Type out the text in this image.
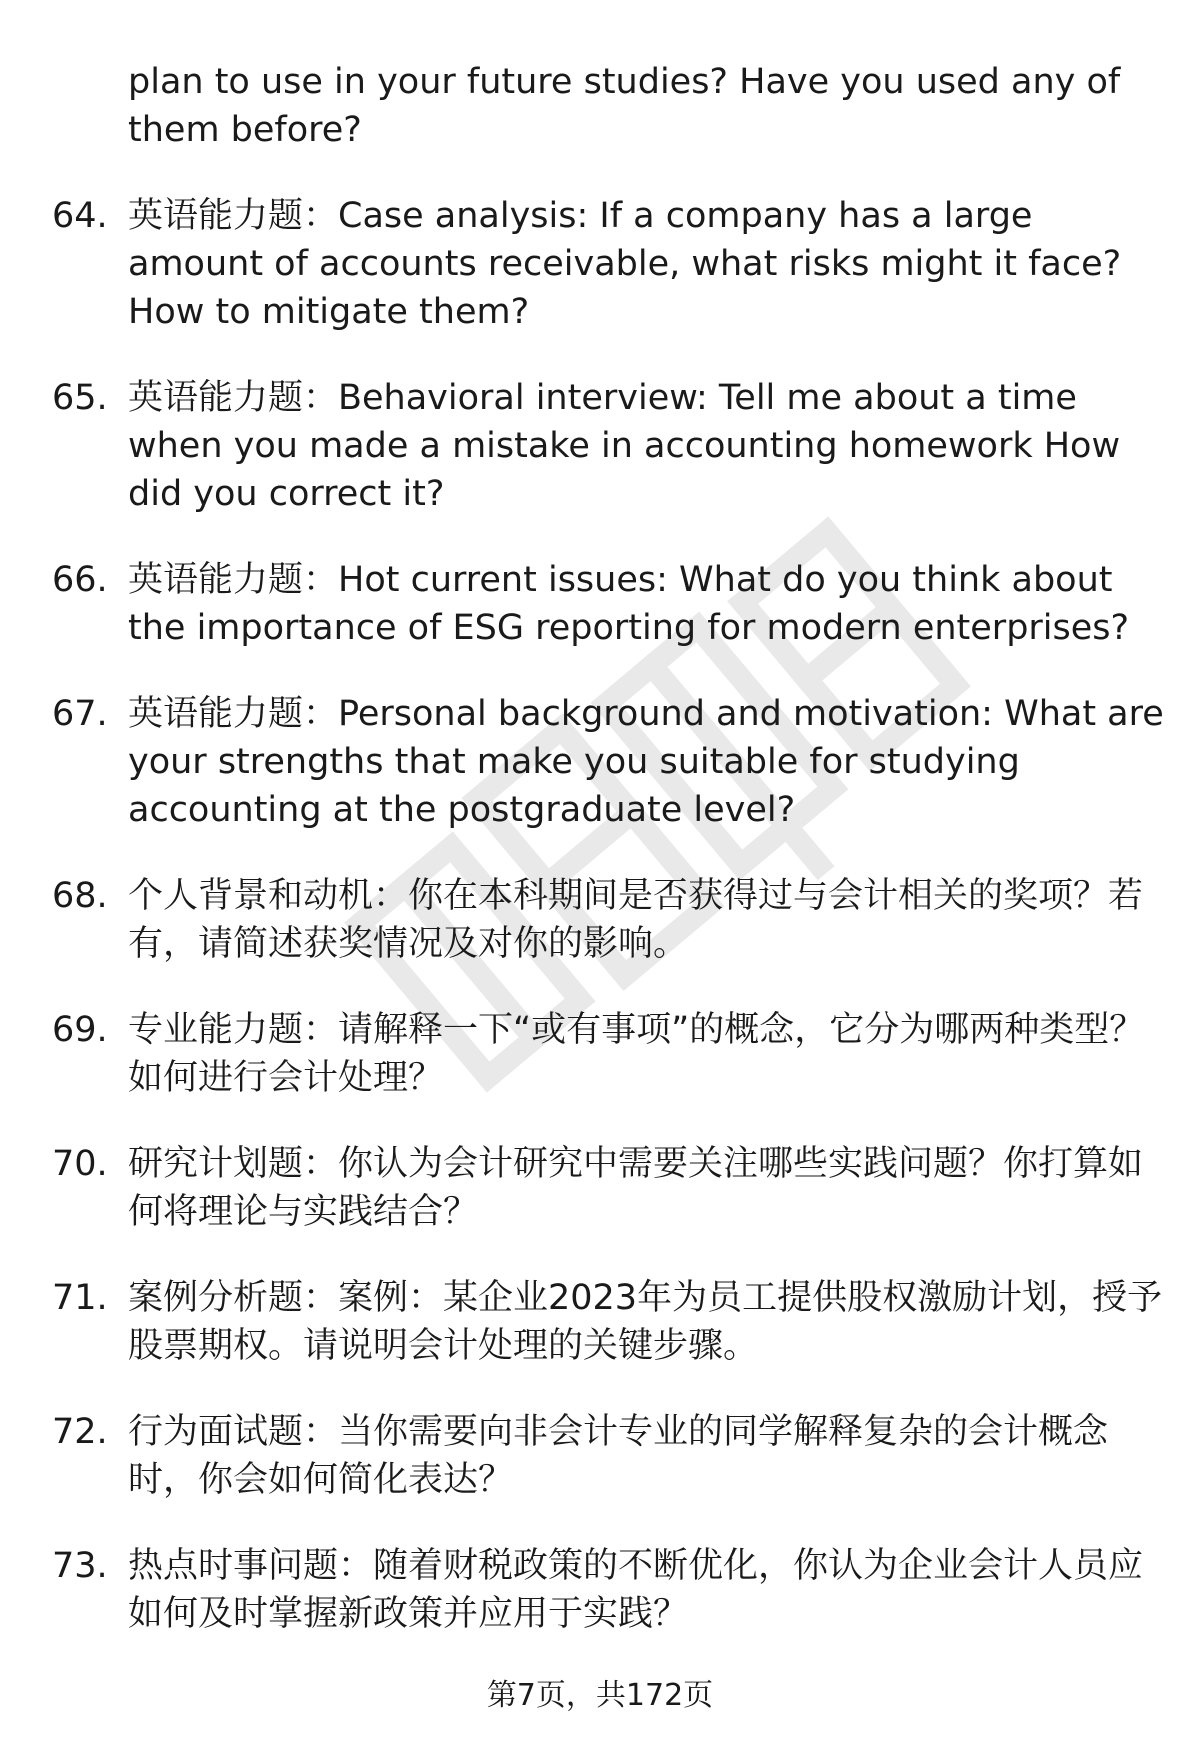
plan to use in your future studies? Have you used any of them before?

64. 英语能力题：Case analysis: If a company has a large amount of accounts receivable, what risks might it face? How to mitigate them?
65. 英语能力题：Behavioral interview: Tell me about a time when you made a mistake in accounting homework How did you correct it?
66. 英语能力题：Hot current issues: What do you think about the importance of ESG reporting for modern enterprises?
67. 英语能力题：Personal background and motivation: What are your strengths that make you suitable for studying accounting at the postgraduate level?
68. 个人背景和动机：你在本科期间是否获得过与会计相关的奖项？若有，请简述获奖情况及对你的影响。
69. 专业能力题：请解释一下“或有事项”的概念，它分为哪两种类型？如何进行会计处理？
70. 研究计划题：你认为会计研究中需要关注哪些实践问题？你打算如何将理论与实践结合？
71. 案例分析题：案例：某企业2023年为员工提供股权激励计划，授予股票期权。请说明会计处理的关键步骤。
72. 行为面试题：当你需要向非会计专业的同学解释复杂的会计概念时，你会如何简化表达？
73. 热点时事问题：随着财税政策的不断优化，你认为企业会计人员应如何及时掌握新政策并应用于实践？
第7页，共172页
